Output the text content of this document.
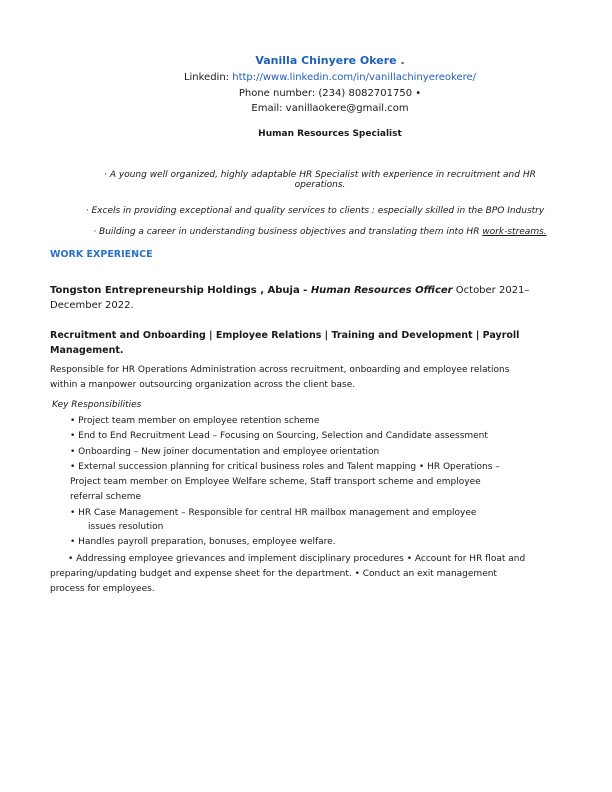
Vanilla Chinyere Okere .
Linkedin: http://www.linkedin.com/in/vanillachinyereokere/
Phone number: (234) 8082701750 •
Email: vanillaokere@gmail.com
Human Resources Specialist
· A young well organized, highly adaptable HR Specialist with experience in recruitment and HR
operations.
· Excels in providing exceptional and quality services to clients : especially skilled in the BPO Industry
· Building a career in understanding business objectives and translating them into HR work-streams.
WORK EXPERIENCE
Tongston Entrepreneurship Holdings , Abuja - Human Resources Officer October 2021–
December 2022.
Recruitment and Onboarding | Employee Relations | Training and Development | Payroll
Management.
Responsible for HR Operations Administration across recruitment, onboarding and employee relations
within a manpower outsourcing organization across the client base.
Key Responsibilities
• Project team member on employee retention scheme
• End to End Recruitment Lead – Focusing on Sourcing, Selection and Candidate assessment
• Onboarding – New joiner documentation and employee orientation
• External succession planning for critical business roles and Talent mapping • HR Operations –
Project team member on Employee Welfare scheme, Staff transport scheme and employee
referral scheme
• HR Case Management – Responsible for central HR mailbox management and employee
issues resolution
• Handles payroll preparation, bonuses, employee welfare.
• Addressing employee grievances and implement disciplinary procedures • Account for HR float and
preparing/updating budget and expense sheet for the department. • Conduct an exit management
process for employees.
